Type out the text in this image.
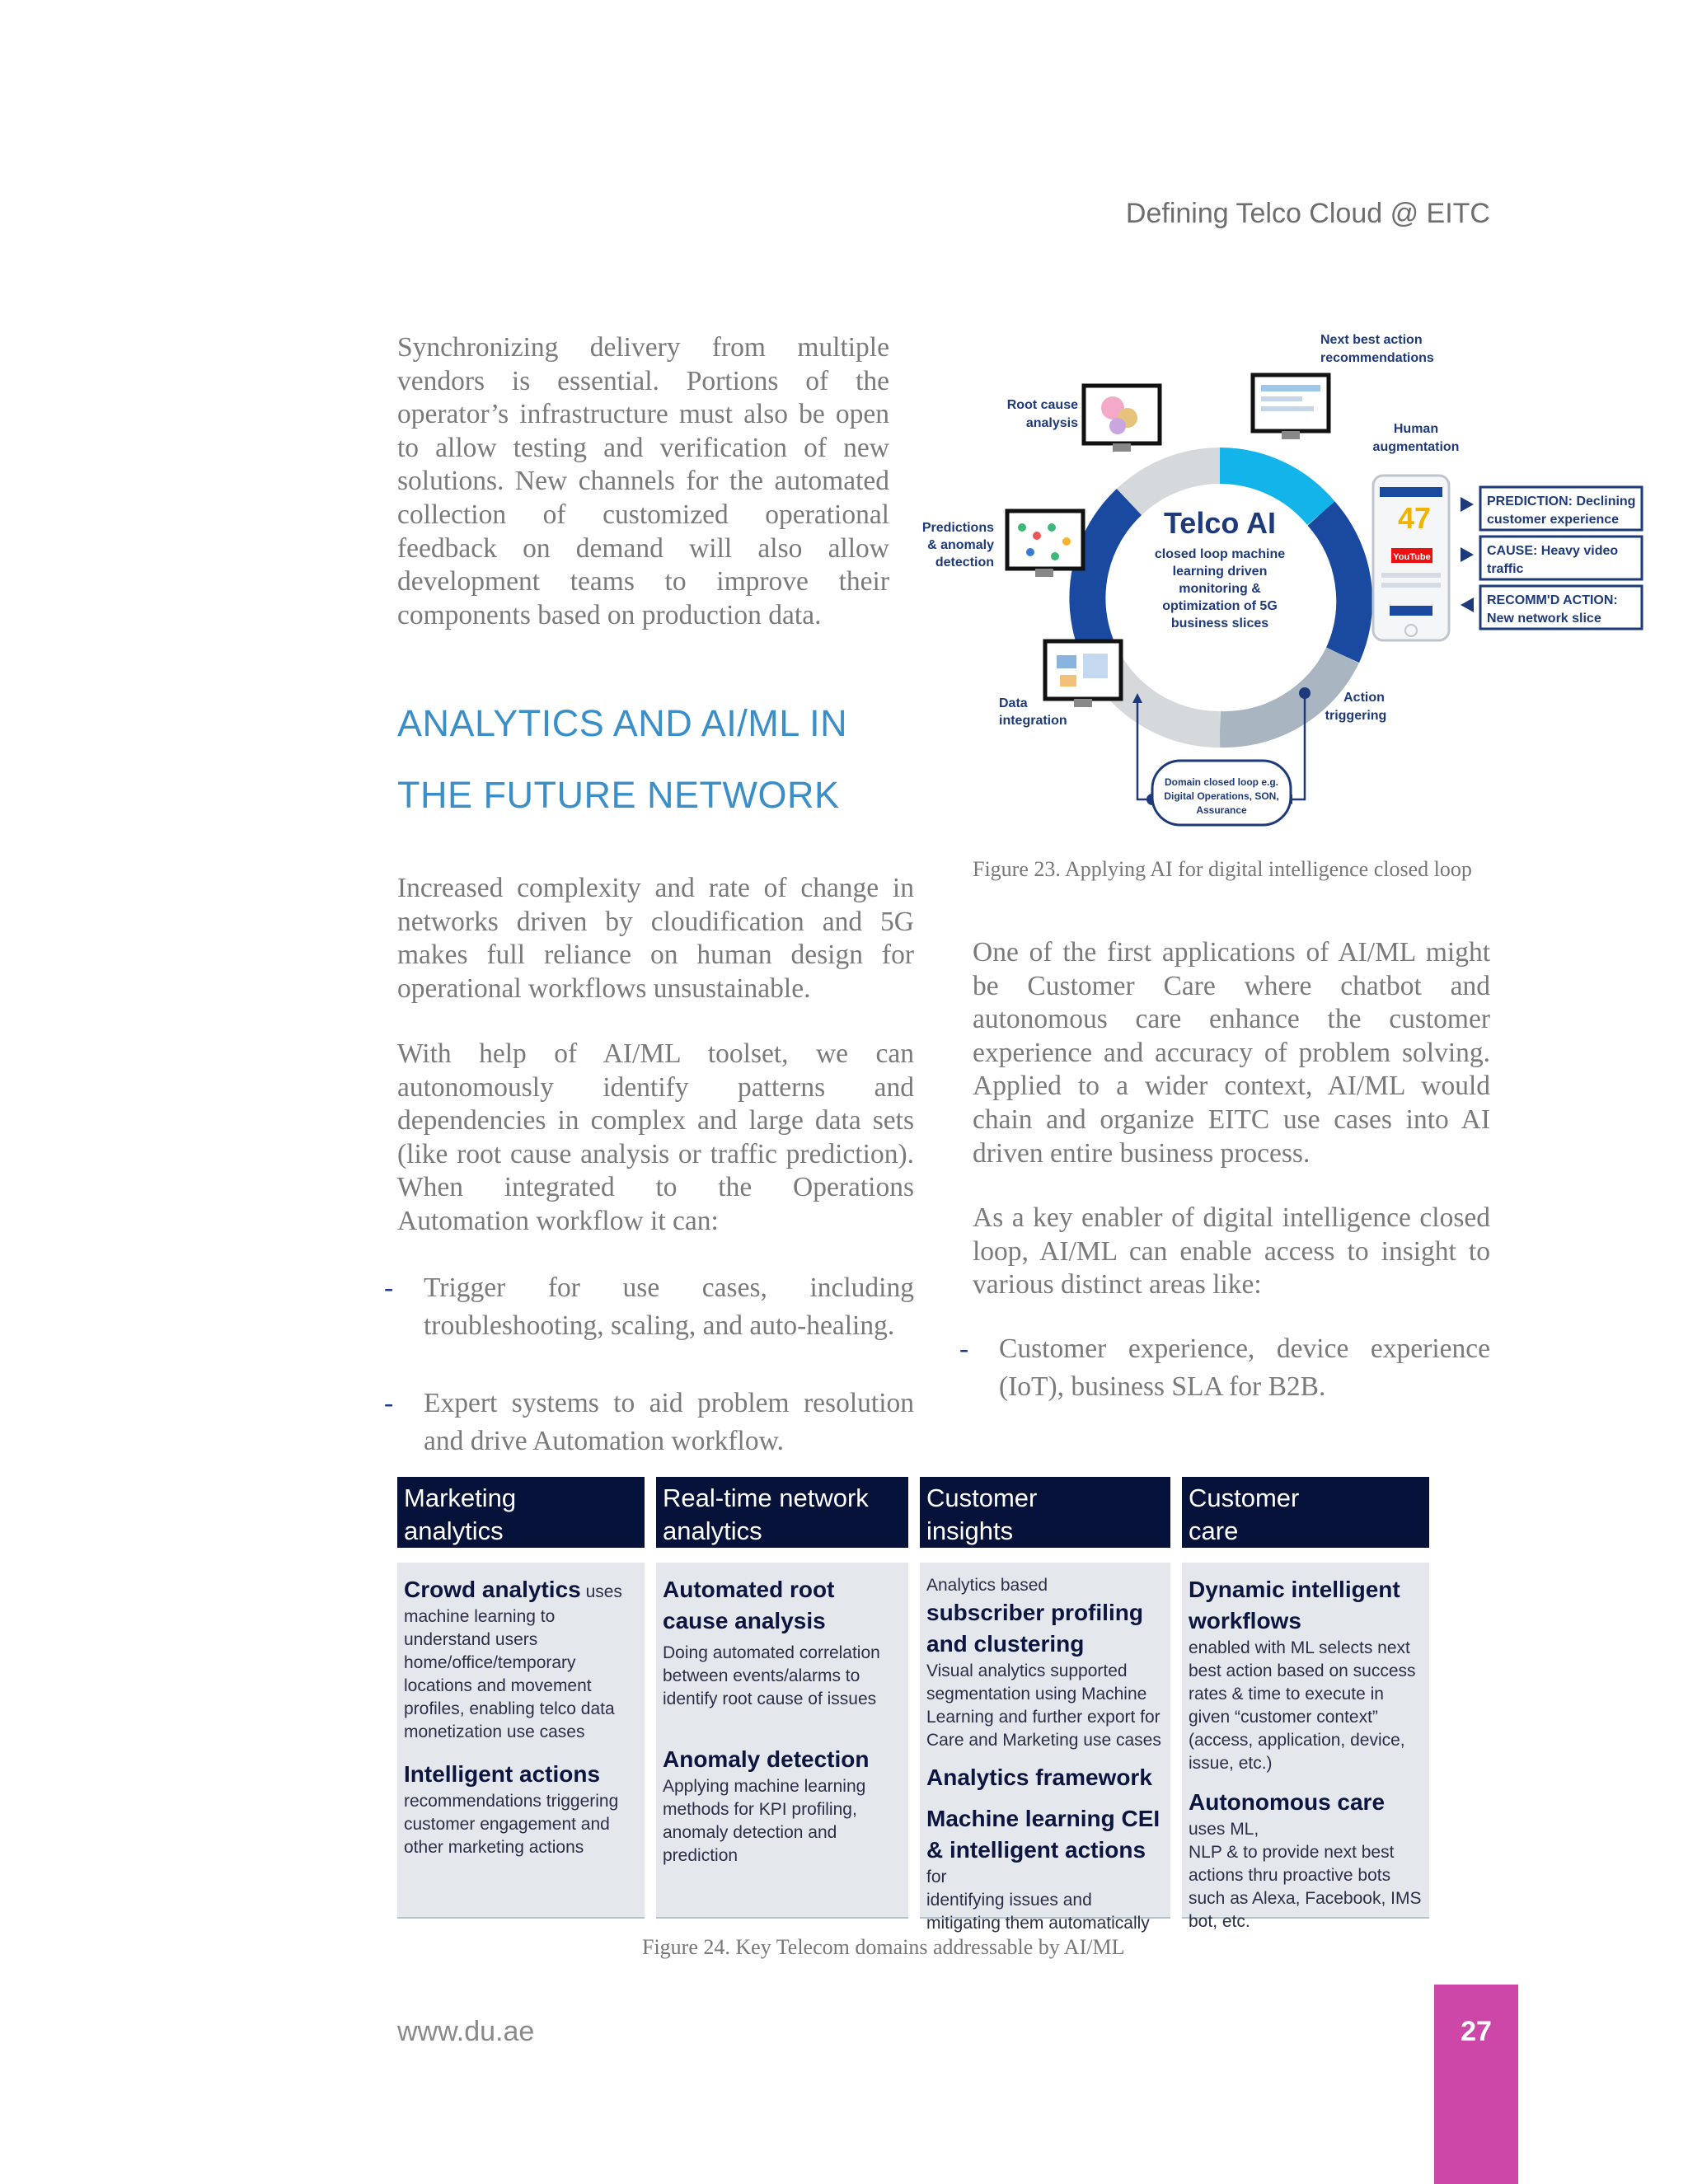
Defining Telco Cloud @ EITC

Synchronizing delivery from multiple vendors is essential. Portions of the operator’s infrastructure must also be open to allow testing and verification of new solutions. New channels for the automated collection of customized operational feedback on demand will also allow development teams to improve their components based on production data.

ANALYTICS AND AI/ML IN
THE FUTURE NETWORK

Increased complexity and rate of change in networks driven by cloudification and 5G makes full reliance on human design for operational workflows unsustainable.

With help of AI/ML toolset, we can autonomously identify patterns and dependencies in complex and large data sets (like root cause analysis or traffic prediction). When integrated to the Operations Automation workflow it can:

- Trigger for use cases, including troubleshooting, scaling, and auto-healing.
- Expert systems to aid problem resolution and drive Automation workflow.
Telco AI
closed loop machine
learning driven
monitoring &
optimization of 5G
business slices
47
YouTube
PREDICTION: Declining
customer experience
CAUSE: Heavy video
traffic
RECOMM'D ACTION:
New network slice
Next best action
recommendations
Root cause
analysis	Human
augmentation
Predictions
& anomaly
detection
Data
integration
Action
triggering
Domain closed loop e.g.
Digital Operations, SON,
Assurance
Figure 23. Applying AI for digital intelligence closed loop

One of the first applications of AI/ML might be Customer Care where chatbot and autonomous care enhance the customer experience and accuracy of problem solving. Applied to a wider context, AI/ML would chain and organize EITC use cases into AI driven entire business process.

As a key enabler of digital intelligence closed loop, AI/ML can enable access to insight to various distinct areas like:

- Customer experience, device experience (IoT), business SLA for B2B.
Marketing
analytics
Crowd analytics uses
machine learning to understand users home/office/temporary locations and movement profiles, enabling telco data monetization use cases
Intelligent actions
recommendations triggering customer engagement and other marketing actions
Real-time network
analytics
Automated root cause analysis
Doing automated correlation between events/alarms to identify root cause of issues
Anomaly detection
Applying machine learning methods for KPI profiling, anomaly detection and prediction
Customer
insights
Analytics based subscriber profiling and clustering
Visual analytics supported segmentation using Machine Learning and further export for Care and Marketing use cases
Analytics framework
Machine learning CEI & intelligent actions for
identifying issues and mitigating them automatically
Customer
care
Dynamic intelligent workflows
enabled with ML selects next best action based on success rates & time to execute in given “customer context” (access, application, device, issue, etc.)
Autonomous care uses ML,
NLP & to provide next best actions thru proactive bots such as Alexa, Facebook, IMS bot, etc.
Figure 24. Key Telecom domains addressable by AI/ML
www.du.ae	27
